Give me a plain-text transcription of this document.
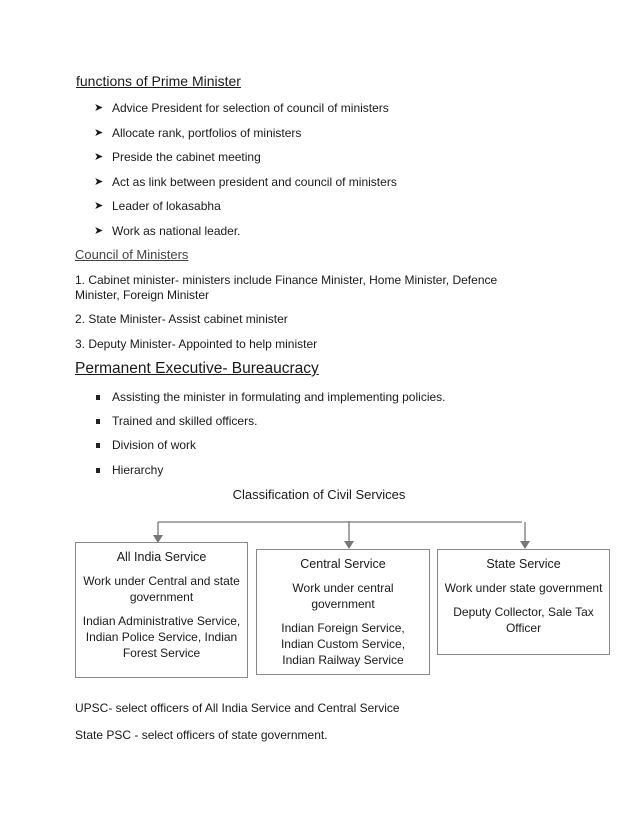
functions of Prime Minister
➤ Advice President for selection of council of ministers
➤ Allocate rank, portfolios of ministers
➤ Preside the cabinet meeting
➤ Act as link between president and council of ministers
➤ Leader of lokasabha
➤ Work as national leader.
Council of Ministers
1. Cabinet minister- ministers include Finance Minister, Home Minister, Defence Minister, Foreign Minister
2. State Minister- Assist cabinet minister
3. Deputy Minister- Appointed to help minister
Permanent Executive- Bureaucracy
Assisting the minister in formulating and implementing policies.
Trained and skilled officers.
Division of work
Hierarchy
Classification of Civil Services
All India Service

Work under Central and state government

Indian Administrative Service, Indian Police Service, Indian Forest Service

Central Service

Work under central government

Indian Foreign Service, Indian Custom Service, Indian Railway Service

State Service

Work under state government

Deputy Collector, Sale Tax Officer

UPSC- select officers of All India Service and Central Service
State PSC - select officers of state government.
